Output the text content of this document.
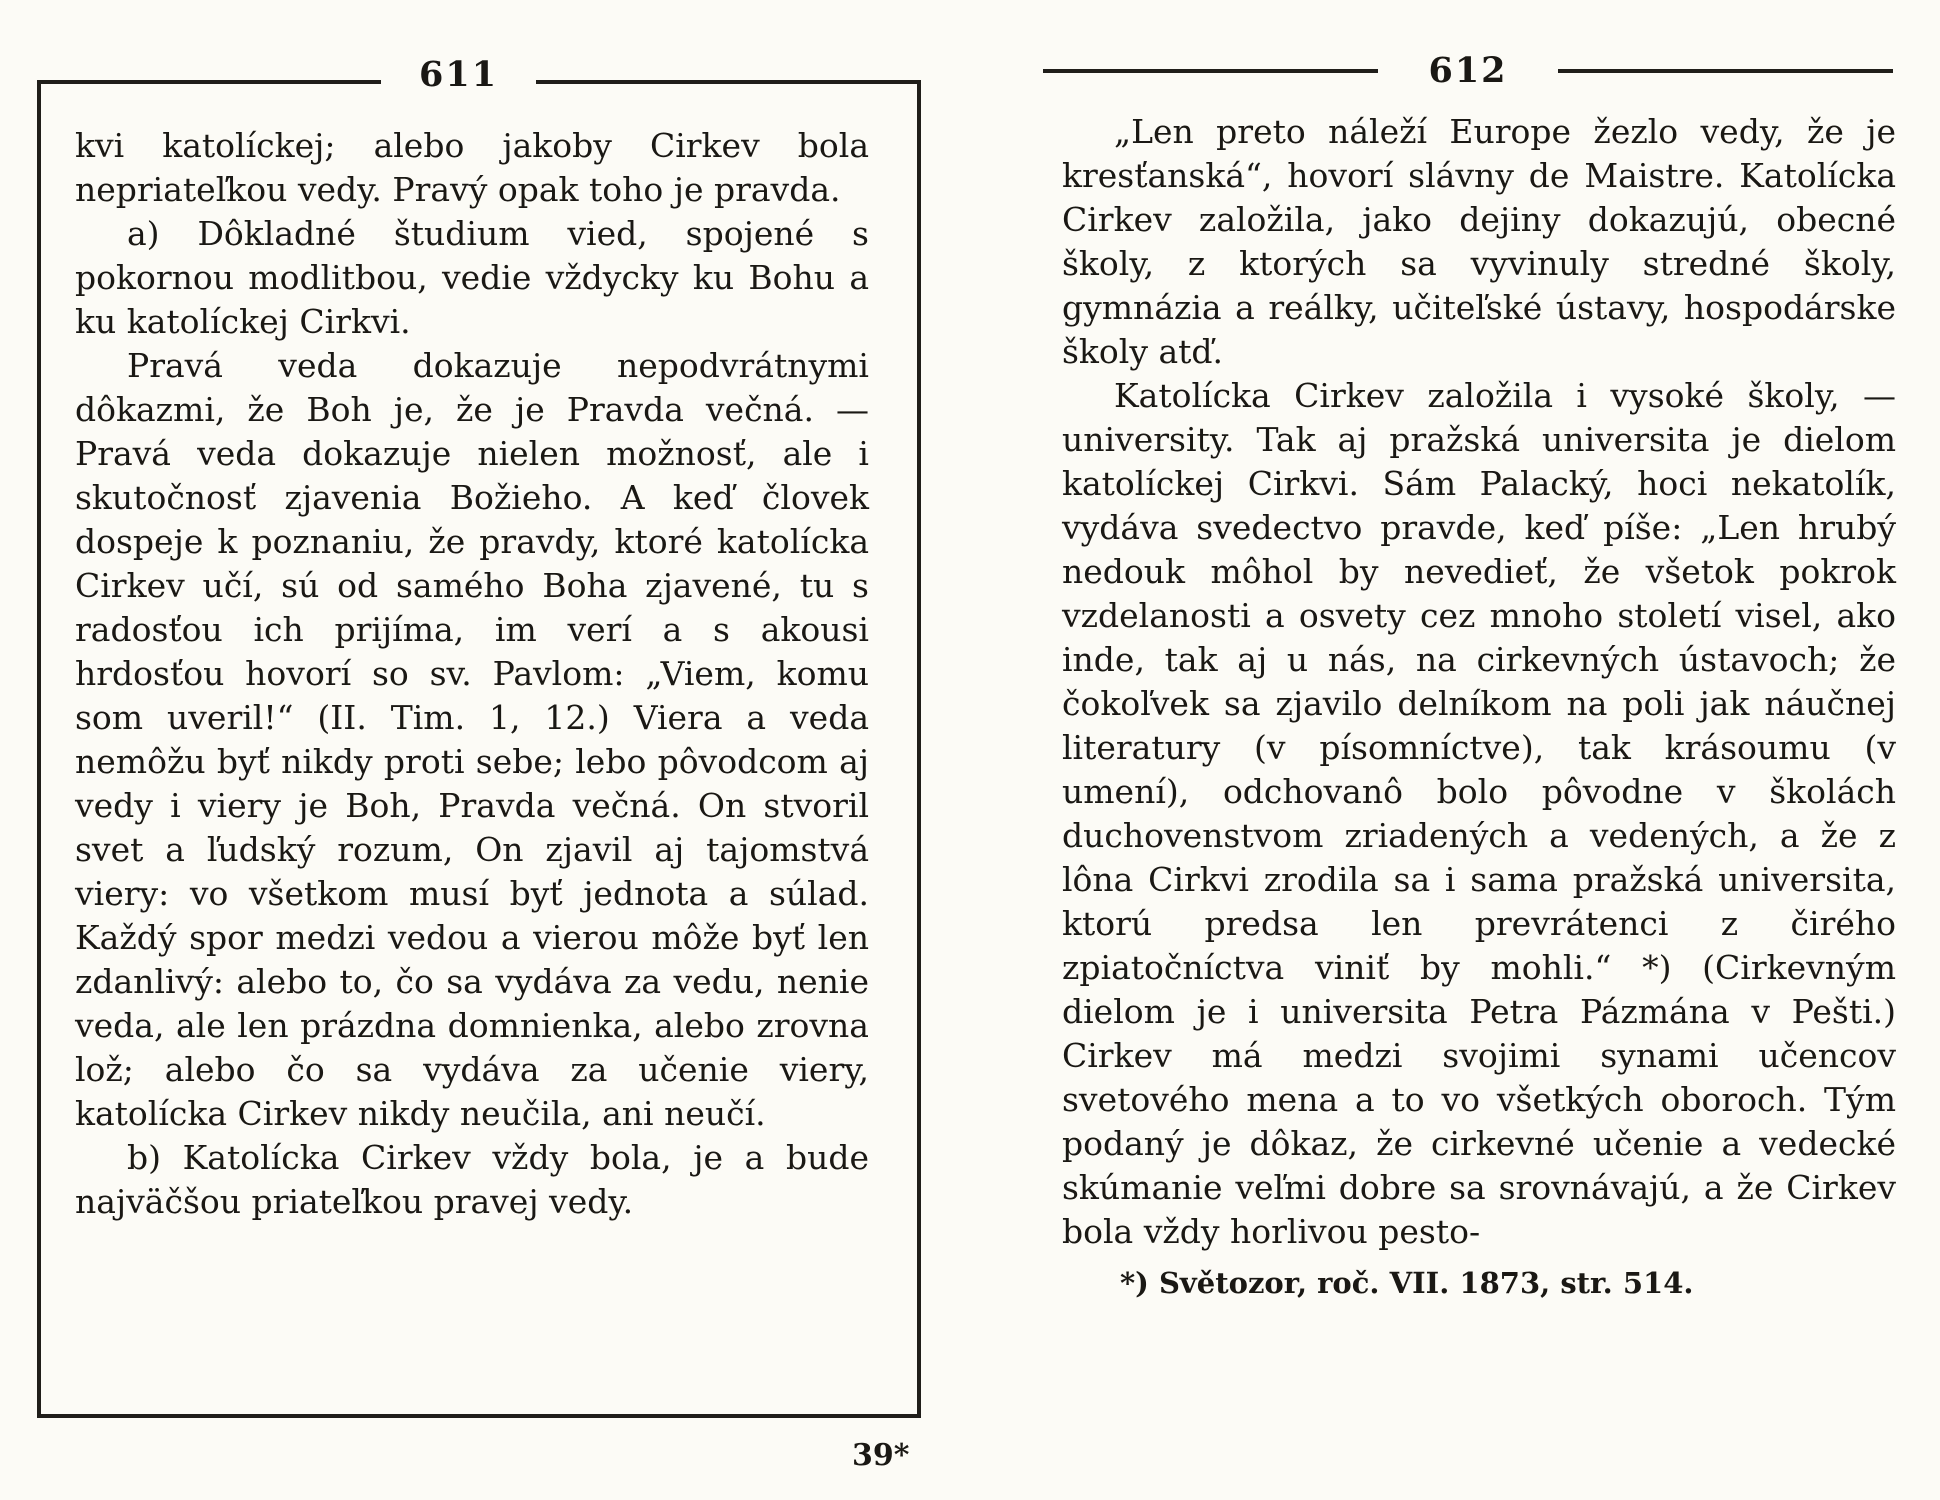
611

kvi katolíckej; alebo jakoby Cirkev bola nepriateľkou vedy. Pravý opak toho je pravda.

a) Dôkladné študium vied, spojené s pokornou modlitbou, vedie vždycky ku Bohu a ku katolíckej Cirkvi.

Pravá veda dokazuje nepodvrátnymi dôkazmi, že Boh je, že je Pravda večná. — Pravá veda dokazuje nielen možnosť, ale i skutočnosť zjavenia Božieho. A keď človek dospeje k poznaniu, že pravdy, ktoré katolícka Cirkev učí, sú od samého Boha zjavené, tu s radosťou ich prijíma, im verí a s akousi hrdosťou hovorí so sv. Pavlom: „Viem, komu som uveril!“ (II. Tim. 1, 12.) Viera a veda nemôžu byť nikdy proti sebe; lebo pôvodcom aj vedy i viery je Boh, Pravda večná. On stvoril svet a ľudský rozum, On zjavil aj tajomstvá viery: vo všetkom musí byť jednota a súlad. Každý spor medzi vedou a vierou môže byť len zdanlivý: alebo to, čo sa vydáva za vedu, nenie veda, ale len prázdna domnienka, alebo zrovna lož; alebo čo sa vydáva za učenie viery, katolícka Cirkev nikdy neučila, ani neučí.

b) Katolícka Cirkev vždy bola, je a bude najväčšou priateľkou pravej vedy.

39*
612

„Len preto náleží Europe žezlo vedy, že je kresťanská“, hovorí slávny de Maistre. Katolícka Cirkev založila, jako dejiny dokazujú, obecné školy, z ktorých sa vyvinuly stredné školy, gymnázia a reálky, učiteľské ústavy, hospodárske školy atď.

Katolícka Cirkev založila i vysoké školy, — university. Tak aj pražská universita je dielom katolíckej Cirkvi. Sám Palacký, hoci nekatolík, vydáva svedectvo pravde, keď píše: „Len hrubý nedouk môhol by nevedieť, že všetok pokrok vzdelanosti a osvety cez mnoho století visel, ako inde, tak aj u nás, na cirkevných ústavoch; že čokoľvek sa zjavilo delníkom na poli jak náučnej literatury (v písomníctve), tak krásoumu (v umení), odchovanô bolo pôvodne v školách duchovenstvom zriadených a vedených, a že z lôna Cirkvi zrodila sa i sama pražská universita, ktorú predsa len prevrátenci z čirého zpiatočníctva viniť by mohli.“ *) (Cirkevným dielom je i universita Petra Pázmána v Pešti.) Cirkev má medzi svojimi synami učencov svetového mena a to vo všetkých oboroch. Tým podaný je dôkaz, že cirkevné učenie a vedecké skúmanie veľmi dobre sa srovnávajú, a že Cirkev bola vždy horlivou pesto-

*) Světozor, roč. VII. 1873, str. 514.
